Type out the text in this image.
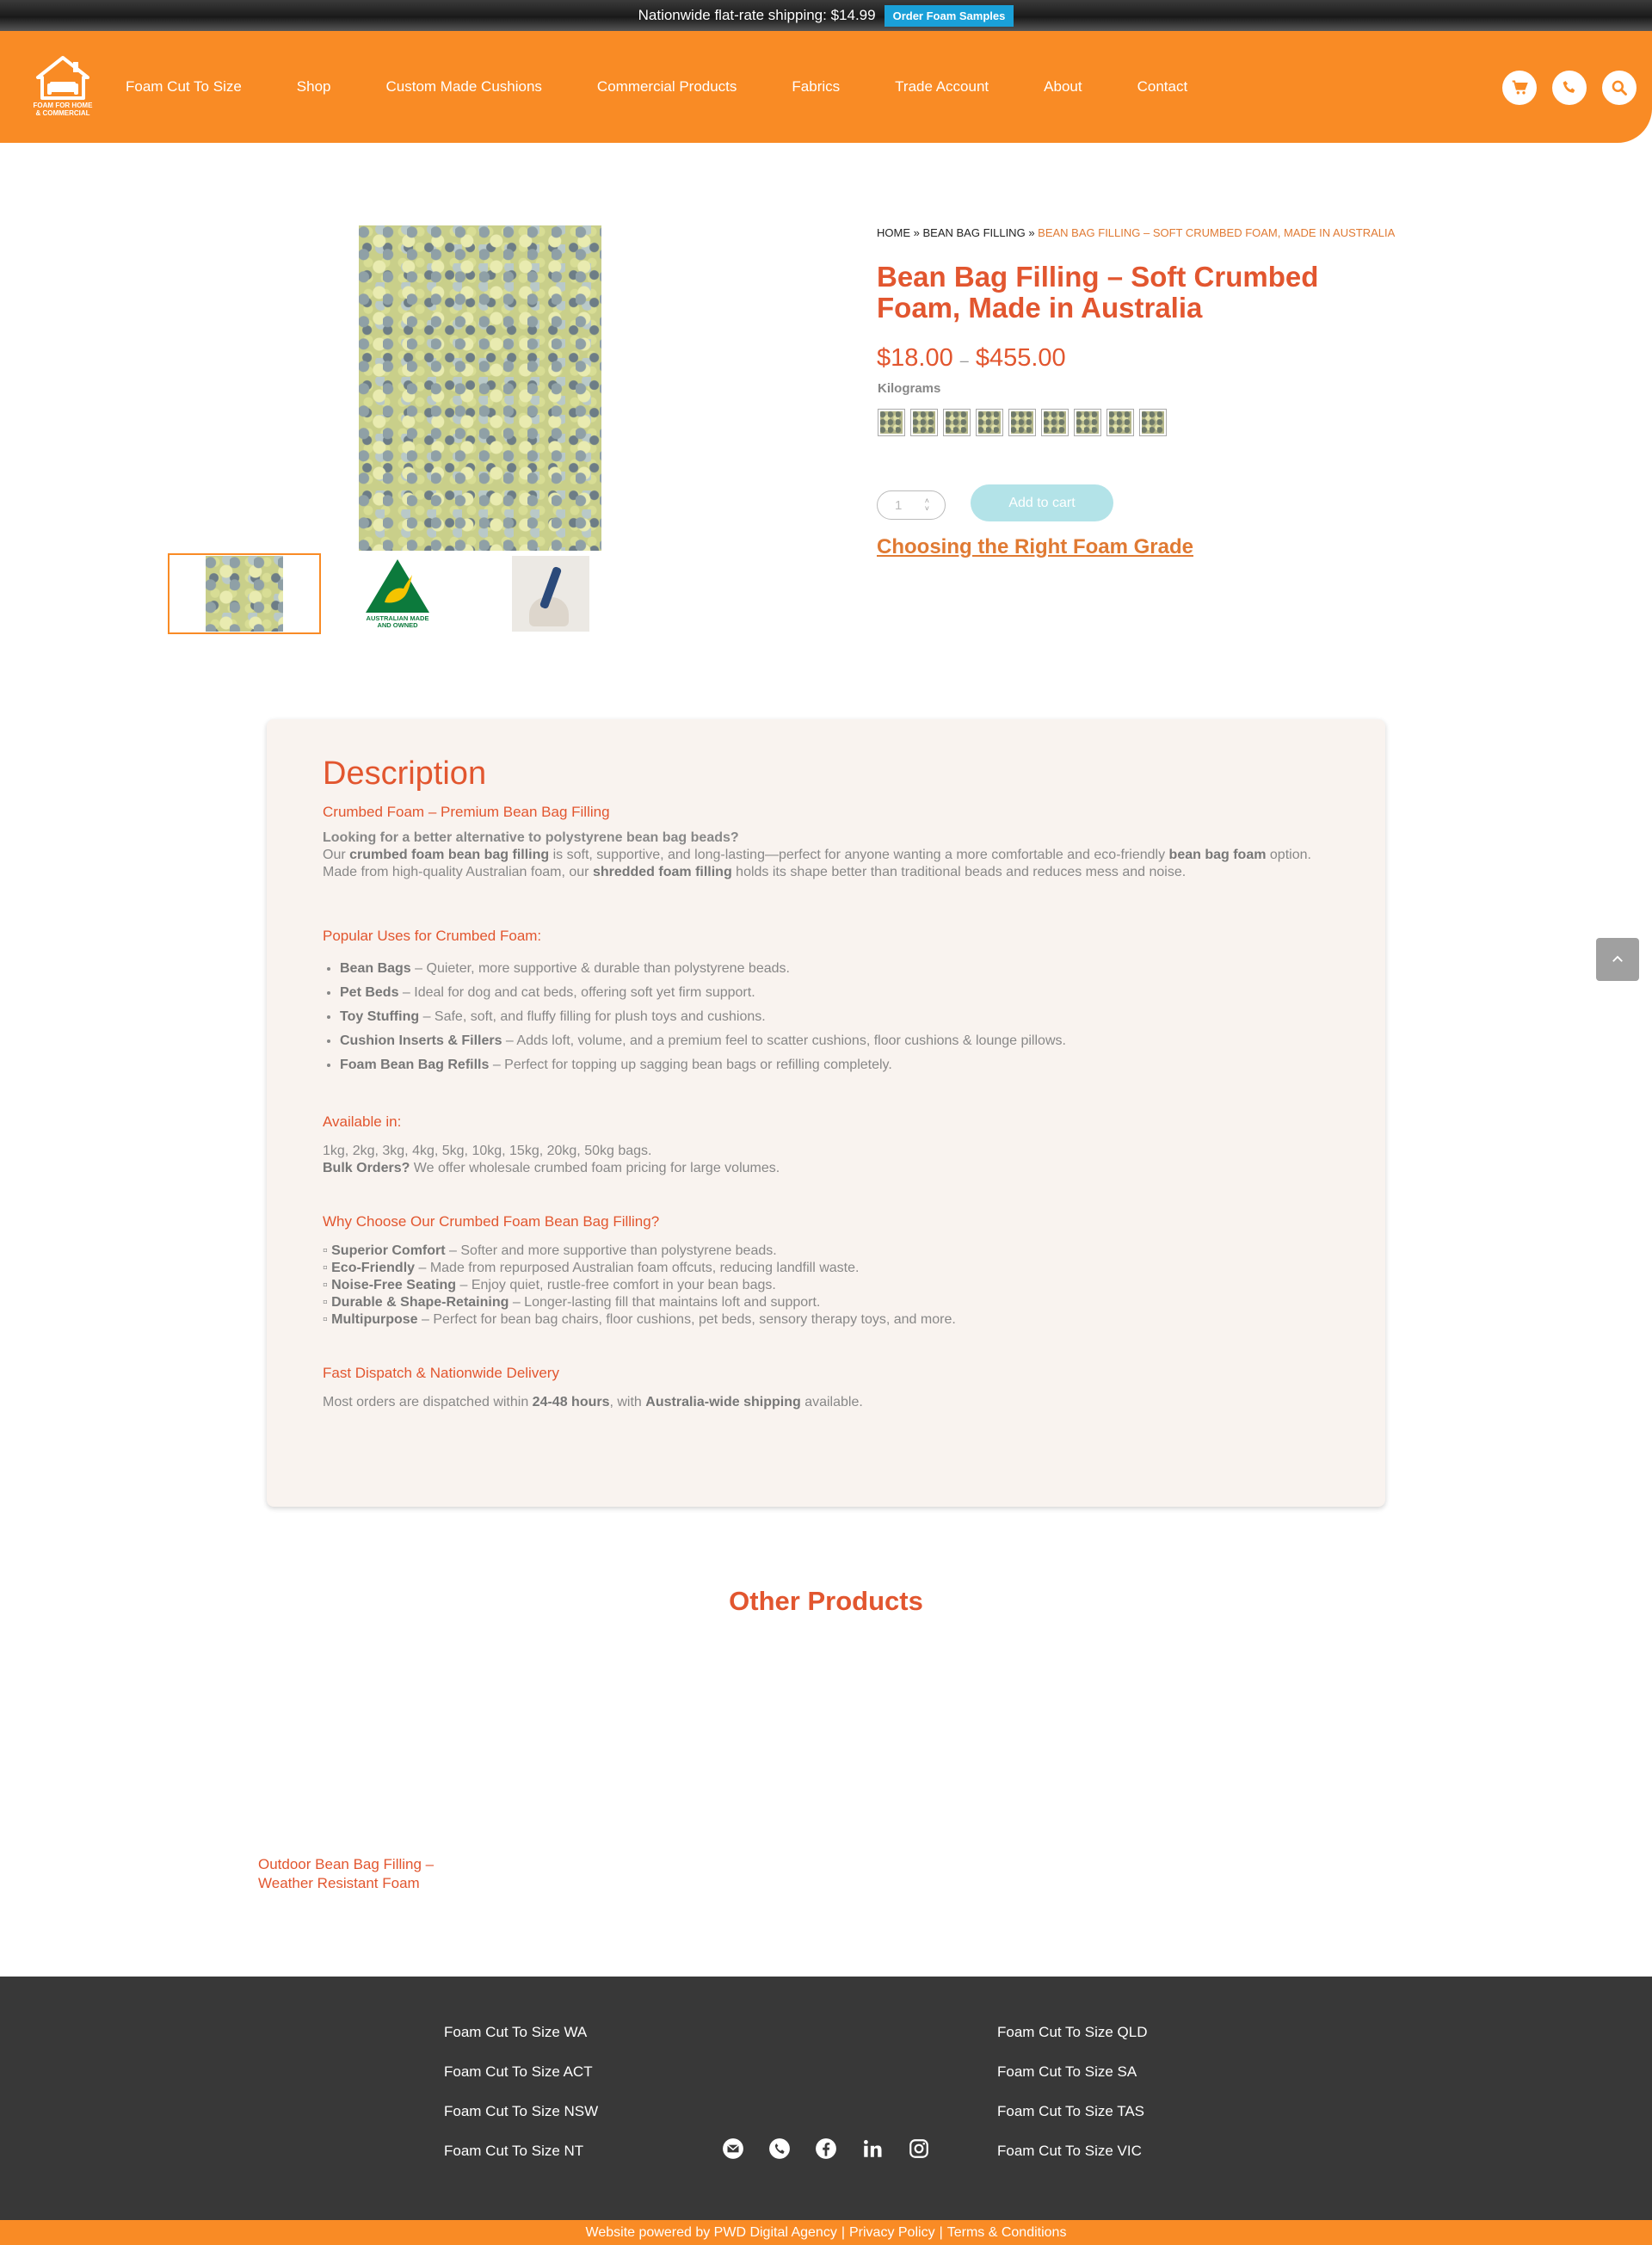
Nationwide flat-rate shipping: $14.99	Order Foam Samples
FOAM FOR HOME
& COMMERCIAL
Foam Cut To Size	Shop	Custom Made Cushions	Commercial Products	Fabrics	Trade Account	About	Contact
AUSTRALIAN MADE
AND OWNED
HOME » BEAN BAG FILLING » BEAN BAG FILLING – SOFT CRUMBED FOAM, MADE IN AUSTRALIA
Bean Bag Filling – Soft Crumbed Foam, Made in Australia
$18.00 – $455.00
Kilograms
1	˄
˅	Add to cart
Choosing the Right Foam Grade
Description
Crumbed Foam – Premium Bean Bag Filling

Looking for a better alternative to polystyrene bean bag beads?

Our crumbed foam bean bag filling is soft, supportive, and long-lasting—perfect for anyone wanting a more comfortable and eco-friendly bean bag foam option. Made from high-quality Australian foam, our shredded foam filling holds its shape better than traditional beads and reduces mess and noise.

Popular Uses for Crumbed Foam:
• Bean Bags – Quieter, more supportive & durable than polystyrene beads.
• Pet Beds – Ideal for dog and cat beds, offering soft yet firm support.
• Toy Stuffing – Safe, soft, and fluffy filling for plush toys and cushions.
• Cushion Inserts & Fillers – Adds loft, volume, and a premium feel to scatter cushions, floor cushions & lounge pillows.
• Foam Bean Bag Refills – Perfect for topping up sagging bean bags or refilling completely.
Available in:

1kg, 2kg, 3kg, 4kg, 5kg, 10kg, 15kg, 20kg, 50kg bags.

Bulk Orders? We offer wholesale crumbed foam pricing for large volumes.

Why Choose Our Crumbed Foam Bean Bag Filling?

▫ Superior Comfort – Softer and more supportive than polystyrene beads.

▫ Eco-Friendly – Made from repurposed Australian foam offcuts, reducing landfill waste.

▫ Noise-Free Seating – Enjoy quiet, rustle-free comfort in your bean bags.

▫ Durable & Shape-Retaining – Longer-lasting fill that maintains loft and support.

▫ Multipurpose – Perfect for bean bag chairs, floor cushions, pet beds, sensory therapy toys, and more.

Fast Dispatch & Nationwide Delivery

Most orders are dispatched within 24-48 hours, with Australia-wide shipping available.

Other Products
Outdoor Bean Bag Filling – Weather Resistant Foam
Foam Cut To Size WA
Foam Cut To Size ACT
Foam Cut To Size NSW
Foam Cut To Size NT
Foam Cut To Size QLD
Foam Cut To Size SA
Foam Cut To Size TAS
Foam Cut To Size VIC
Website powered by PWD Digital Agency | Privacy Policy | Terms & Conditions
